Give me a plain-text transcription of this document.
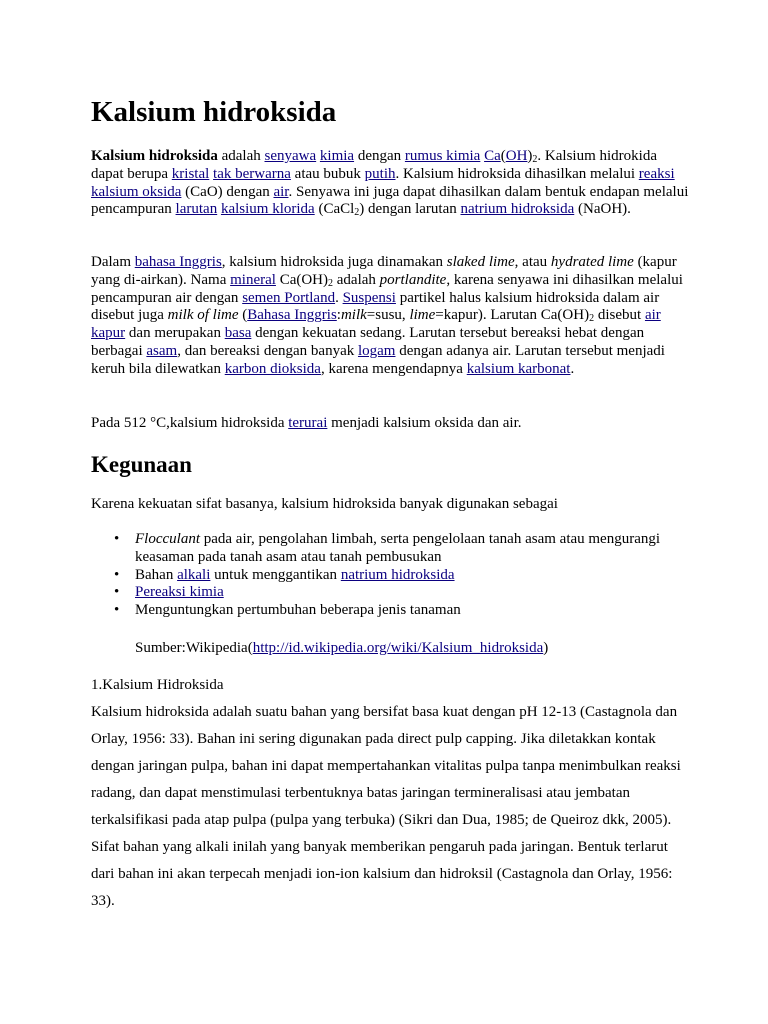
Kalsium hidroksida

Kalsium hidroksida adalah senyawa kimia dengan rumus kimia $Ca(OH)_2$. Kalsium hidrokida dapat berupa kristal tak berwarna atau bubuk putih. Kalsium hidroksida dihasilkan melalui reaksi kalsium oksida (CaO) dengan air. Senyawa ini juga dapat dihasilkan dalam bentuk endapan melalui pencampuran larutan kalsium klorida (CaCl$_2$) dengan larutan natrium hidroksida (NaOH).

Dalam bahasa Inggris, kalsium hidroksida juga dinamakan slaked lime, atau hydrated lime (kapur yang di-airkan). Nama mineral $Ca(OH)_2$ adalah portlandite, karena senyawa ini dihasilkan melalui pencampuran air dengan semen Portland. Suspensi partikel halus kalsium hidroksida dalam air disebut juga milk of lime (Bahasa Inggris:milk=susu, lime=kapur). Larutan $Ca(OH)_2$ disebut air kapur dan merupakan basa dengan kekuatan sedang. Larutan tersebut bereaksi hebat dengan berbagai asam, dan bereaksi dengan banyak logam dengan adanya air. Larutan tersebut menjadi keruh bila dilewatkan karbon dioksida, karena mengendapnya kalsium karbonat.

Pada 512 °C,kalsium hidroksida terurai menjadi kalsium oksida dan air.

Kegunaan

Karena kekuatan sifat basanya, kalsium hidroksida banyak digunakan sebagai

• Flocculant pada air, pengolahan limbah, serta pengelolaan tanah asam atau mengurangi keasaman pada tanah asam atau tanah pembusukan
• Bahan alkali untuk menggantikan natrium hidroksida
• Pereaksi kimia
• Menguntungkan pertumbuhan beberapa jenis tanaman
Sumber:Wikipedia(http://id.wikipedia.org/wiki/Kalsium_hidroksida)
1.Kalsium Hidroksida

Kalsium hidroksida adalah suatu bahan yang bersifat basa kuat dengan pH 12-13 (Castagnola dan Orlay, 1956: 33). Bahan ini sering digunakan pada direct pulp capping. Jika diletakkan kontak dengan jaringan pulpa, bahan ini dapat mempertahankan vitalitas pulpa tanpa menimbulkan reaksi radang, dan dapat menstimulasi terbentuknya batas jaringan termineralisasi atau jembatan terkalsifikasi pada atap pulpa (pulpa yang terbuka) (Sikri dan Dua, 1985; de Queiroz dkk, 2005). Sifat bahan yang alkali inilah yang banyak memberikan pengaruh pada jaringan. Bentuk terlarut dari bahan ini akan terpecah menjadi ion-ion kalsium dan hidroksil (Castagnola dan Orlay, 1956: 33).
